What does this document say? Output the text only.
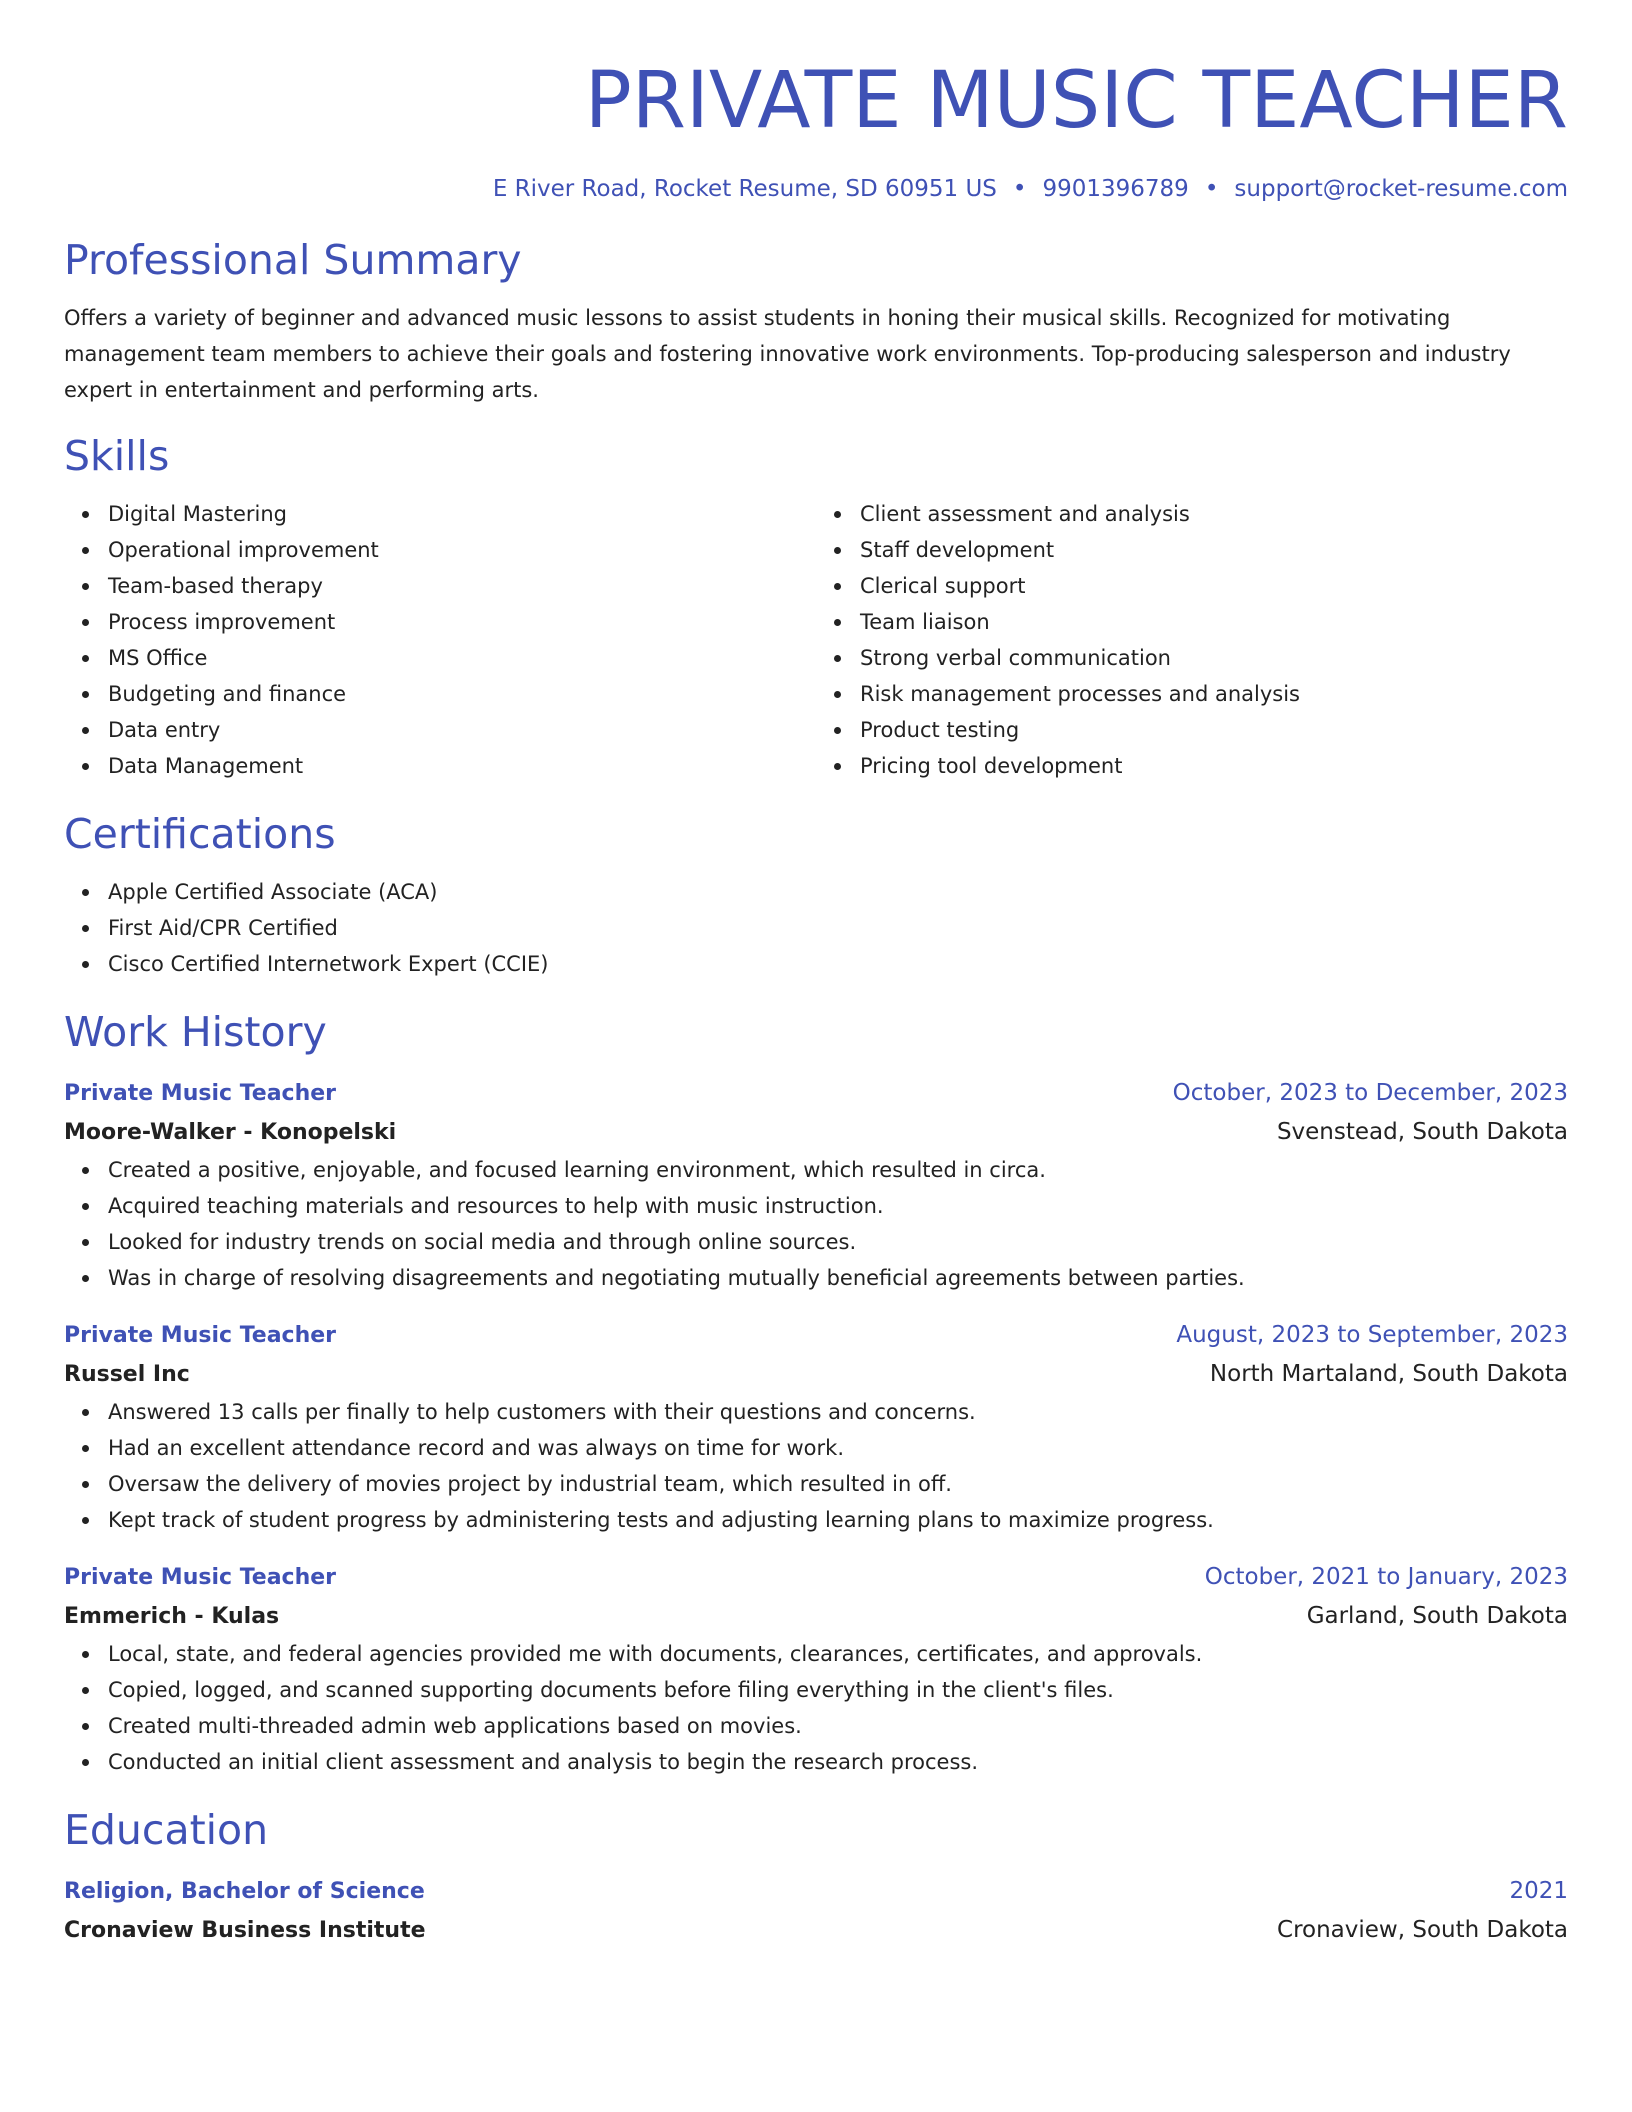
PRIVATE MUSIC TEACHER
E River Road, Rocket Resume, SD 60951 US • 9901396789 • support@rocket-resume.com
Professional Summary

Offers a variety of beginner and advanced music lessons to assist students in honing their musical skills. Recognized for motivating management team members to achieve their goals and fostering innovative work environments. Top-producing salesperson and industry expert in entertainment and performing arts.

Skills
Digital Mastering
Operational improvement
Team-based therapy
Process improvement
MS Office
Budgeting and finance
Data entry
Data Management
Client assessment and analysis
Staff development
Clerical support
Team liaison
Strong verbal communication
Risk management processes and analysis
Product testing
Pricing tool development
Certifications
Apple Certified Associate (ACA)
First Aid/CPR Certified
Cisco Certified Internetwork Expert (CCIE)
Work History
Private Music Teacher	October, 2023 to December, 2023
Moore-Walker - Konopelski	Svenstead, South Dakota
Created a positive, enjoyable, and focused learning environment, which resulted in circa.
Acquired teaching materials and resources to help with music instruction.
Looked for industry trends on social media and through online sources.
Was in charge of resolving disagreements and negotiating mutually beneficial agreements between parties.
Private Music Teacher	August, 2023 to September, 2023
Russel Inc	North Martaland, South Dakota
Answered 13 calls per finally to help customers with their questions and concerns.
Had an excellent attendance record and was always on time for work.
Oversaw the delivery of movies project by industrial team, which resulted in off.
Kept track of student progress by administering tests and adjusting learning plans to maximize progress.
Private Music Teacher	October, 2021 to January, 2023
Emmerich - Kulas	Garland, South Dakota
Local, state, and federal agencies provided me with documents, clearances, certificates, and approvals.
Copied, logged, and scanned supporting documents before filing everything in the client's files.
Created multi-threaded admin web applications based on movies.
Conducted an initial client assessment and analysis to begin the research process.
Education
Religion, Bachelor of Science	2021
Cronaview Business Institute	Cronaview, South Dakota
